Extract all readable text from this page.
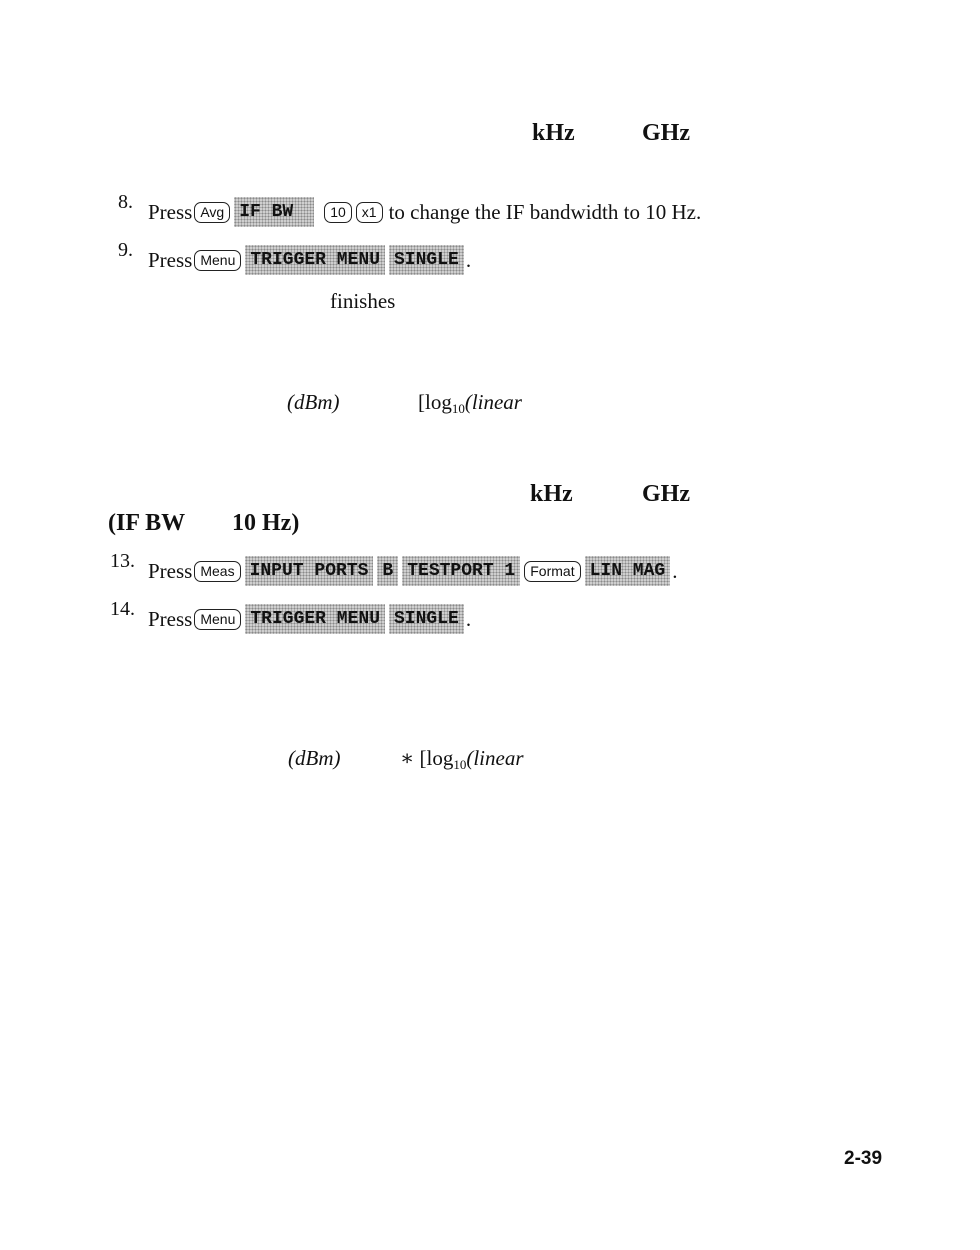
kHz	GHz
8. Press Avg IF BW	10	x1 to change the IF bandwidth to 10 Hz.
9. Press Menu TRIGGER MENU SINGLE .
finishes
(dBm)	[$\log_{10}(linear$
kHz	GHz
(IF BW 10 Hz)
13. Press Meas INPUT PORTS B TESTPORT 1	Format LIN MAG .
14. Press Menu TRIGGER MENU SINGLE .
(dBm)	∗ [$\log_{10}(linear$
2-39
